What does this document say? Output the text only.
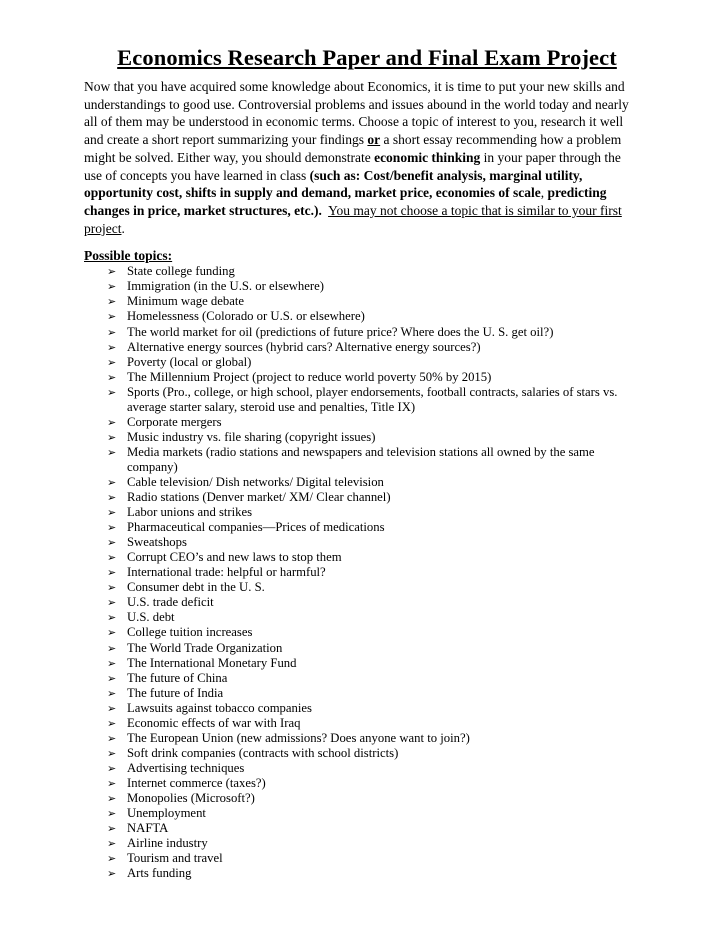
Economics Research Paper and Final Exam Project

Now that you have acquired some knowledge about Economics, it is time to put your new skills and understandings to good use. Controversial problems and issues abound in the world today and nearly all of them may be understood in economic terms. Choose a topic of interest to you, research it well and create a short report summarizing your findings or a short essay recommending how a problem might be solved. Either way, you should demonstrate economic thinking in your paper through the use of concepts you have learned in class (such as: Cost/benefit analysis, marginal utility, opportunity cost, shifts in supply and demand, market price, economies of scale, predicting changes in price, market structures, etc.). You may not choose a topic that is similar to your first project.

Possible topics:
➢ State college funding
➢ Immigration (in the U.S. or elsewhere)
➢ Minimum wage debate
➢ Homelessness (Colorado or U.S. or elsewhere)
➢ The world market for oil (predictions of future price? Where does the U. S. get oil?)
➢ Alternative energy sources (hybrid cars? Alternative energy sources?)
➢ Poverty (local or global)
➢ The Millennium Project (project to reduce world poverty 50% by 2015)
➢ Sports (Pro., college, or high school, player endorsements, football contracts, salaries of stars vs. average starter salary, steroid use and penalties, Title IX)
➢ Corporate mergers
➢ Music industry vs. file sharing (copyright issues)
➢ Media markets (radio stations and newspapers and television stations all owned by the same company)
➢ Cable television/ Dish networks/ Digital television
➢ Radio stations (Denver market/ XM/ Clear channel)
➢ Labor unions and strikes
➢ Pharmaceutical companies—Prices of medications
➢ Sweatshops
➢ Corrupt CEO’s and new laws to stop them
➢ International trade: helpful or harmful?
➢ Consumer debt in the U. S.
➢ U.S. trade deficit
➢ U.S. debt
➢ College tuition increases
➢ The World Trade Organization
➢ The International Monetary Fund
➢ The future of China
➢ The future of India
➢ Lawsuits against tobacco companies
➢ Economic effects of war with Iraq
➢ The European Union (new admissions? Does anyone want to join?)
➢ Soft drink companies (contracts with school districts)
➢ Advertising techniques
➢ Internet commerce (taxes?)
➢ Monopolies (Microsoft?)
➢ Unemployment
➢ NAFTA
➢ Airline industry
➢ Tourism and travel
➢ Arts funding
